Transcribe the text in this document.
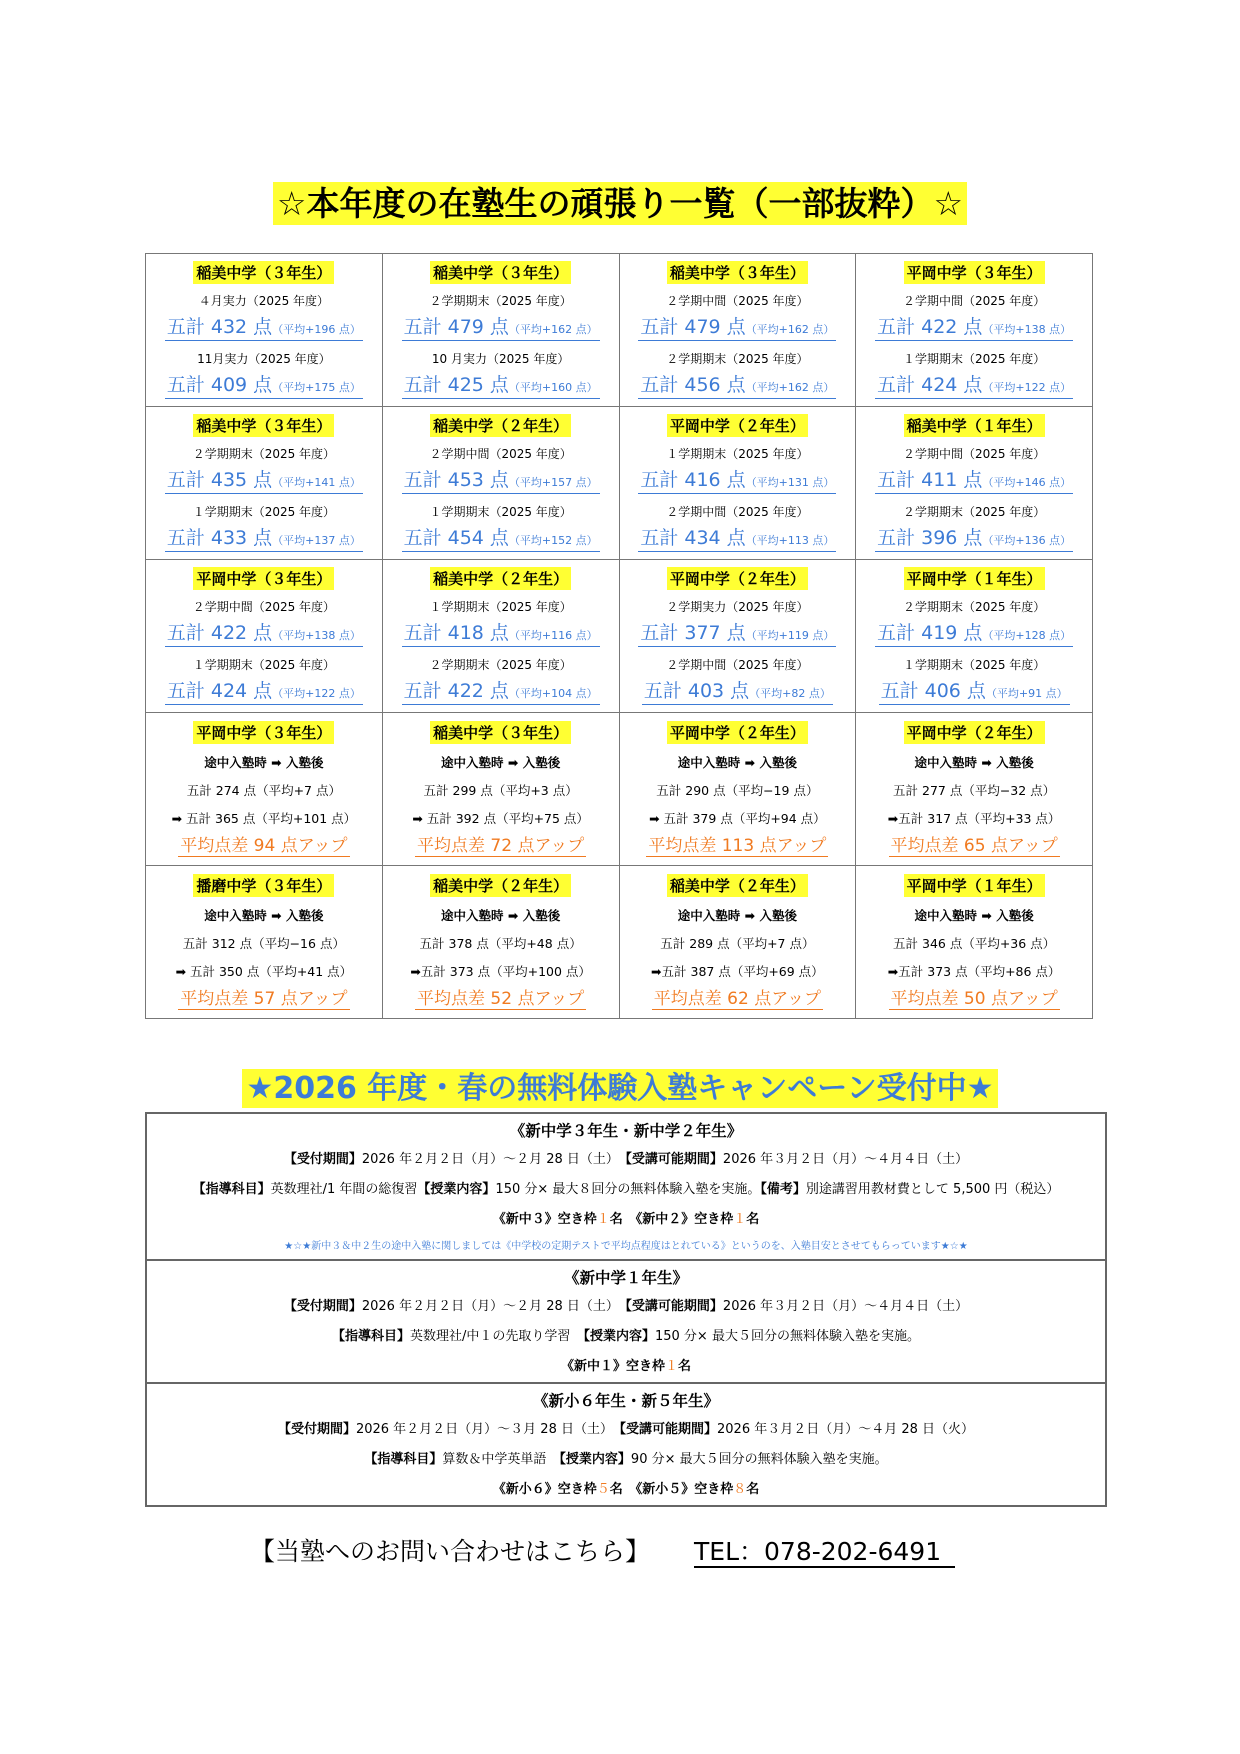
☆本年度の在塾生の頑張り一覧（一部抜粋）☆
稲美中学（３年生）
４月実力（2025 年度）
五計 432 点（平均+196 点）
11月実力（2025 年度）
五計 409 点（平均+175 点）	稲美中学（３年生）
２学期期末（2025 年度）
五計 479 点（平均+162 点）
10 月実力（2025 年度）
五計 425 点（平均+160 点）	稲美中学（３年生）
２学期中間（2025 年度）
五計 479 点（平均+162 点）
２学期期末（2025 年度）
五計 456 点（平均+162 点）	平岡中学（３年生）
２学期中間（2025 年度）
五計 422 点（平均+138 点）
１学期期末（2025 年度）
五計 424 点（平均+122 点）

稲美中学（３年生）
２学期期末（2025 年度）
五計 435 点（平均+141 点）
１学期期末（2025 年度）
五計 433 点（平均+137 点）	稲美中学（２年生）
２学期中間（2025 年度）
五計 453 点（平均+157 点）
１学期期末（2025 年度）
五計 454 点（平均+152 点）	平岡中学（２年生）
１学期期末（2025 年度）
五計 416 点（平均+131 点）
２学期中間（2025 年度）
五計 434 点（平均+113 点）	稲美中学（１年生）
２学期中間（2025 年度）
五計 411 点（平均+146 点）
２学期期末（2025 年度）
五計 396 点（平均+136 点）

平岡中学（３年生）
２学期中間（2025 年度）
五計 422 点（平均+138 点）
１学期期末（2025 年度）
五計 424 点（平均+122 点）	稲美中学（２年生）
１学期期末（2025 年度）
五計 418 点（平均+116 点）
２学期期末（2025 年度）
五計 422 点（平均+104 点）	平岡中学（２年生）
２学期実力（2025 年度）
五計 377 点（平均+119 点）
２学期中間（2025 年度）
五計 403 点（平均+82 点）	平岡中学（１年生）
２学期期末（2025 年度）
五計 419 点（平均+128 点）
１学期期末（2025 年度）
五計 406 点（平均+91 点）

平岡中学（３年生）
途中入塾時 ➡ 入塾後
五計 274 点（平均+7 点）
➡ 五計 365 点（平均+101 点）
平均点差 94 点アップ	稲美中学（３年生）
途中入塾時 ➡ 入塾後
五計 299 点（平均+3 点）
➡ 五計 392 点（平均+75 点）
平均点差 72 点アップ	平岡中学（２年生）
途中入塾時 ➡ 入塾後
五計 290 点（平均−19 点）
➡ 五計 379 点（平均+94 点）
平均点差 113 点アップ	平岡中学（２年生）
途中入塾時 ➡ 入塾後
五計 277 点（平均−32 点）
➡五計 317 点（平均+33 点）
平均点差 65 点アップ

播磨中学（３年生）
途中入塾時 ➡ 入塾後
五計 312 点（平均−16 点）
➡ 五計 350 点（平均+41 点）
平均点差 57 点アップ	稲美中学（２年生）
途中入塾時 ➡ 入塾後
五計 378 点（平均+48 点）
➡五計 373 点（平均+100 点）
平均点差 52 点アップ	稲美中学（２年生）
途中入塾時 ➡ 入塾後
五計 289 点（平均+7 点）
➡五計 387 点（平均+69 点）
平均点差 62 点アップ	平岡中学（１年生）
途中入塾時 ➡ 入塾後
五計 346 点（平均+36 点）
➡五計 373 点（平均+86 点）
平均点差 50 点アップ
★2026 年度・春の無料体験入塾キャンペーン受付中★
《新中学３年生・新中学２年生》
【受付期間】2026 年２月２日（月）〜２月 28 日（土）　 【受講可能期間】2026 年３月２日（月）〜４月４日（土）
【指導科目】英数理社/1 年間の総復習【授業内容】150 分× 最大８回分の無料体験入塾を実施。【備考】別途講習用教材費として 5,500 円（税込）
《新中３》空き枠１名　 《新中２》空き枠１名
★☆★新中３＆中２生の途中入塾に関しましては《中学校の定期テストで平均点程度はとれている》というのを、入塾目安とさせてもらっています★☆★
《新中学１年生》
【受付期間】2026 年２月２日（月）〜２月 28 日（土）　 【受講可能期間】2026 年３月２日（月）〜４月４日（土）
【指導科目】英数理社/中１の先取り学習　 【授業内容】150 分× 最大５回分の無料体験入塾を実施。
《新中１》空き枠１名
《新小６年生・新５年生》
【受付期間】2026 年２月２日（月）〜３月 28 日（土）　 【受講可能期間】2026 年３月２日（月）〜４月 28 日（火）
【指導科目】算数＆中学英単語　 【授業内容】90 分× 最大５回分の無料体験入塾を実施。
《新小６》空き枠５名　 《新小５》空き枠８名
【当塾へのお問い合わせはこちら】 TEL：078-202-6491
